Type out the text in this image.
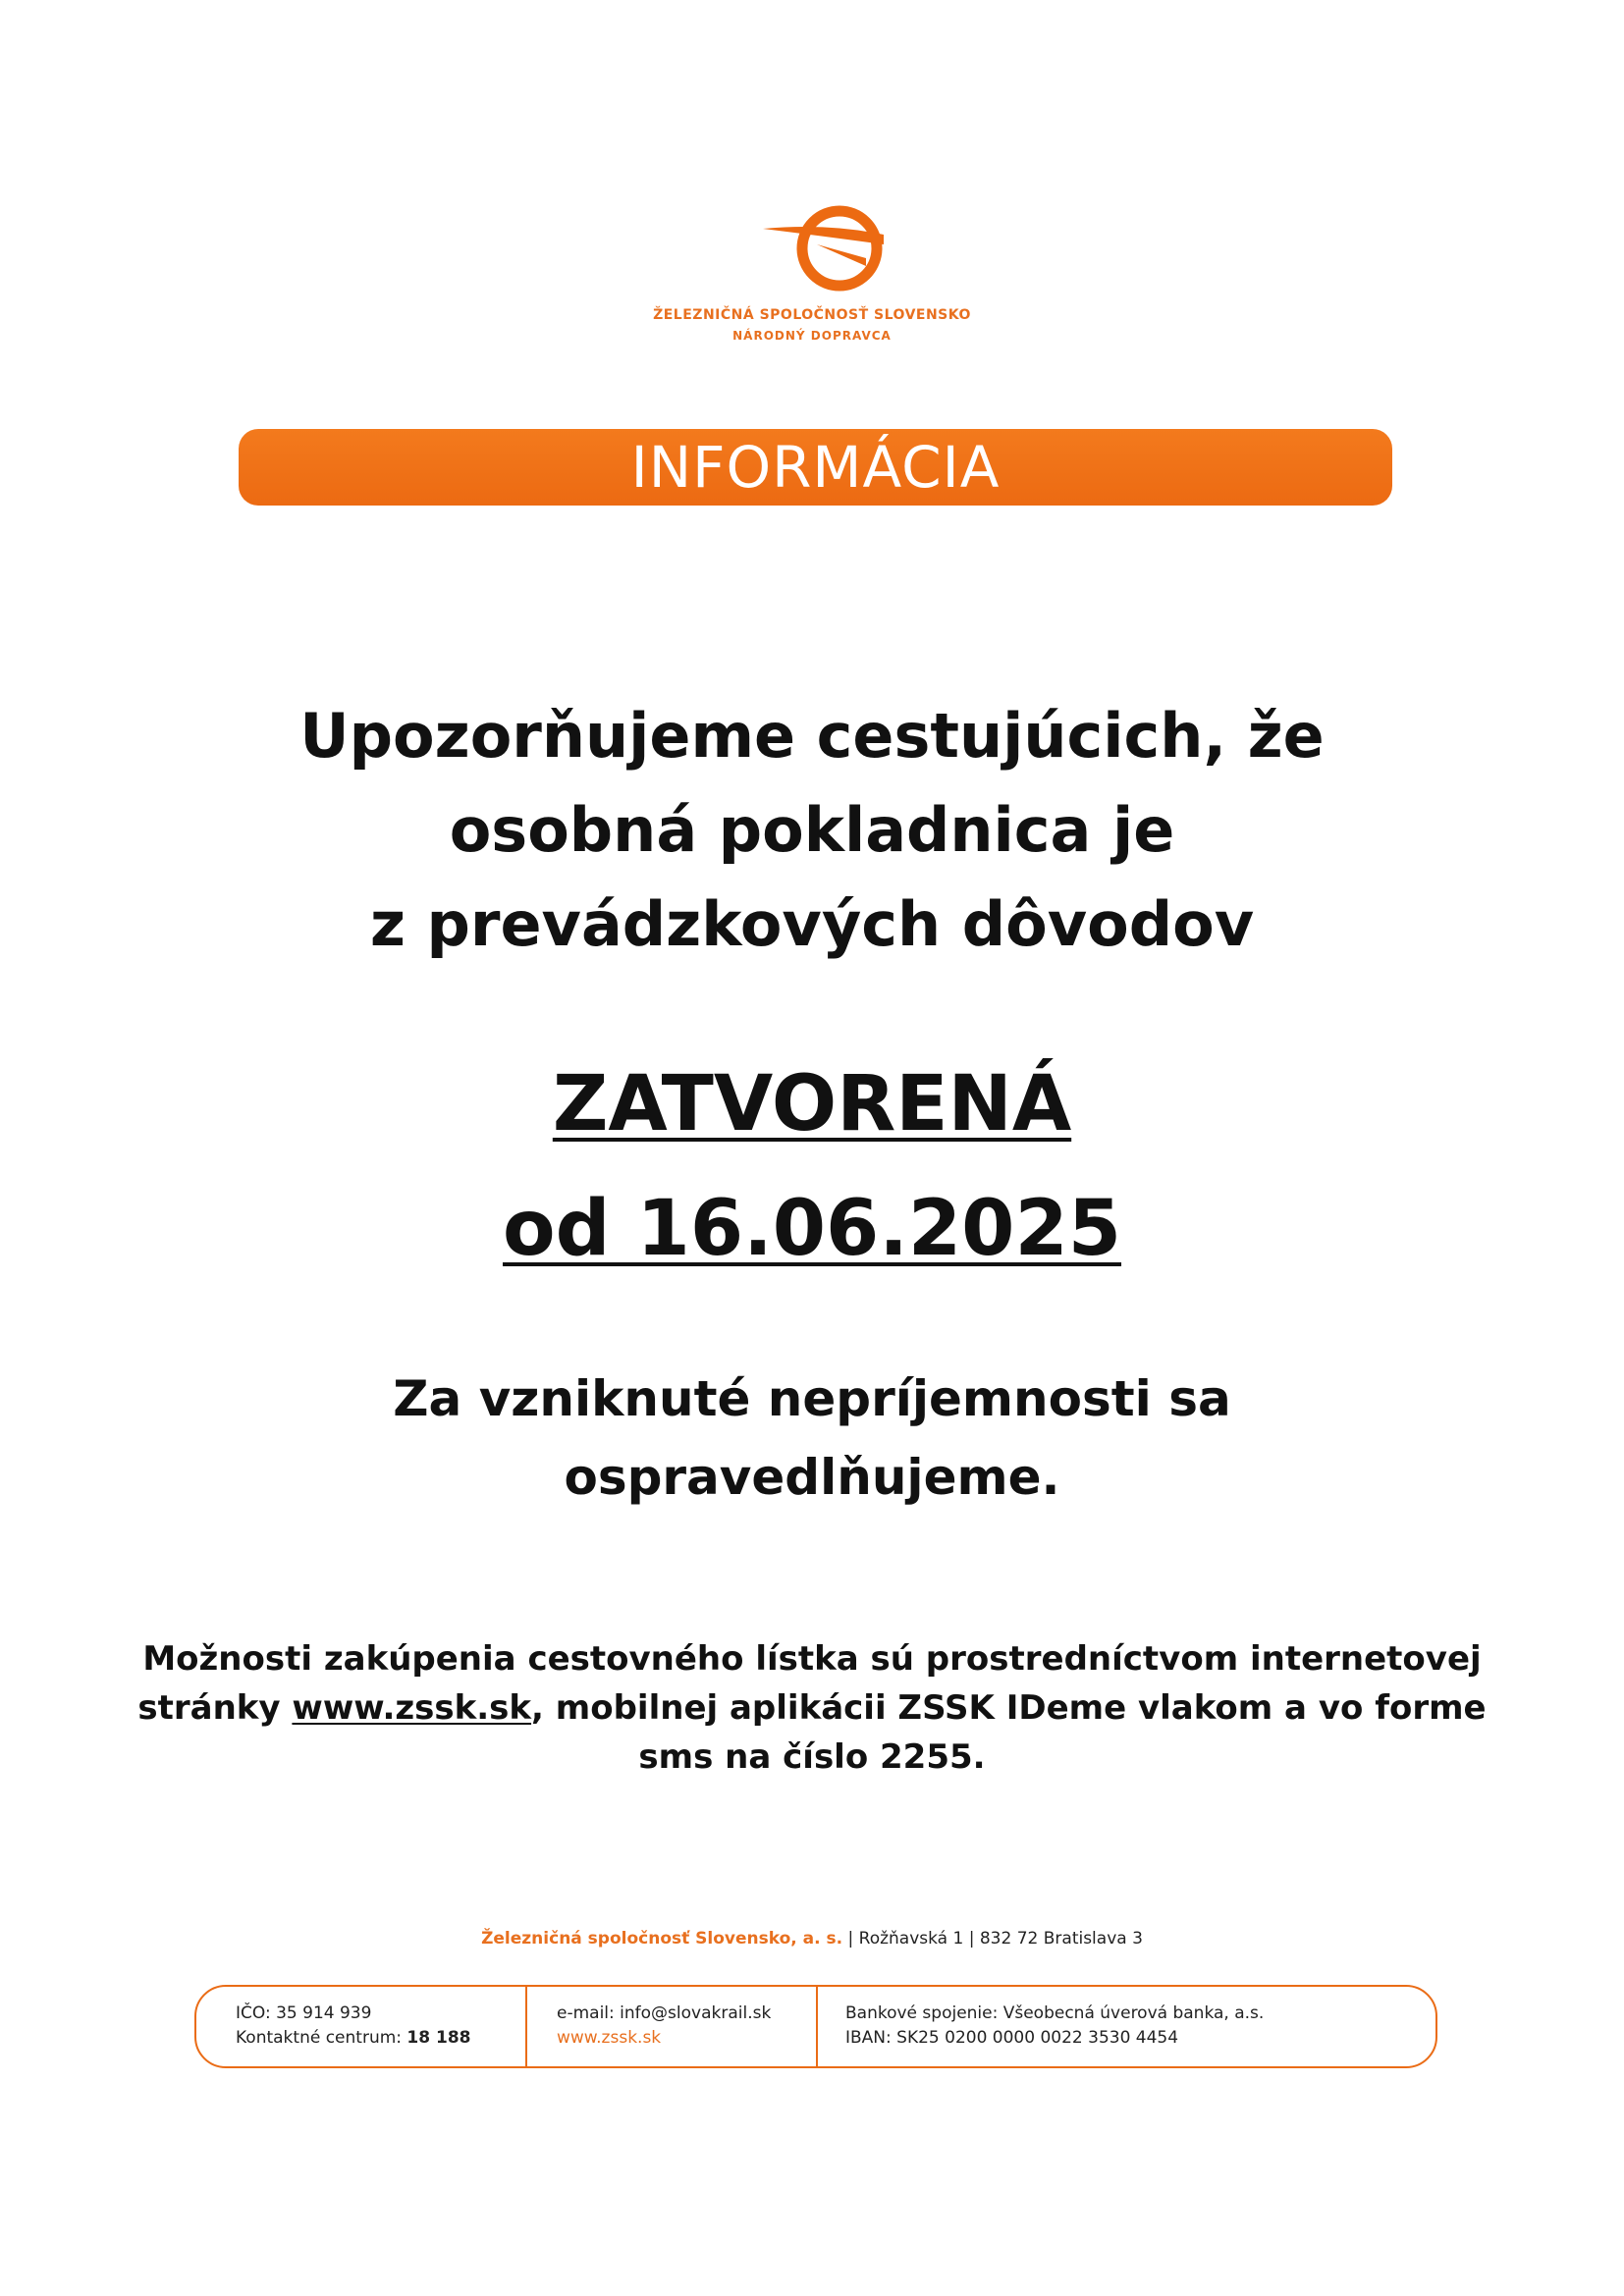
ŽELEZNIČNÁ SPOLOČNOSŤ SLOVENSKO
NÁRODNÝ DOPRAVCA
INFORMÁCIA
Upozorňujeme cestujúcich, že
osobná pokladnica je
z prevádzkových dôvodov
ZATVORENÁ
od 16.06.2025
Za vzniknuté nepríjemnosti sa
ospravedlňujeme.
Možnosti zakúpenia cestovného lístka sú prostredníctvom internetovej
stránky www.zssk.sk, mobilnej aplikácii ZSSK IDeme vlakom a vo forme
sms na číslo 2255.
Železničná spoločnosť Slovensko, a. s. | Rožňavská 1 | 832 72 Bratislava 3
IČO: 35 914 939
Kontaktné centrum: 18 188
e-mail: info@slovakrail.sk
www.zssk.sk
Bankové spojenie: Všeobecná úverová banka, a.s.
IBAN: SK25 0200 0000 0022 3530 4454
